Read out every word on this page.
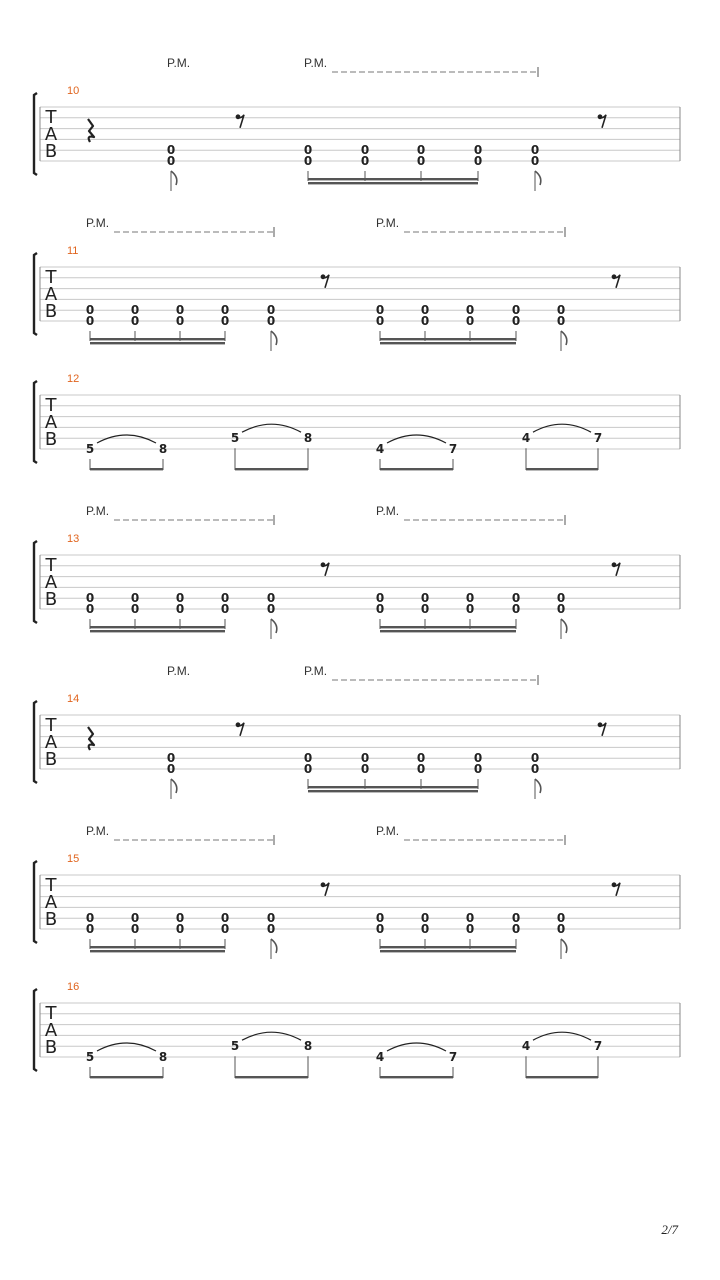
T
A
B
10
P.M.	P.M.
0
0
0
0
0
0
0
0
0
0
0
0
T
A
B
11
P.M.	P.M.
0
0
0
0
0
0
0
0
0
0
0
0
0
0
0
0
0
0
0
0
T
A
B
12
5	8
5	8
4	7
4	7
T
A
B
13
P.M.	P.M.
0
0
0
0
0
0
0
0
0
0
0
0
0
0
0
0
0
0
0
0
T
A
B
14
P.M.	P.M.
0
0
0
0
0
0
0
0
0
0
0
0
T
A
B
15
P.M.	P.M.
0
0
0
0
0
0
0
0
0
0
0
0
0
0
0
0
0
0
0
0
T
A
B
16
5	8
5	8
4	7
4	7
2/7
